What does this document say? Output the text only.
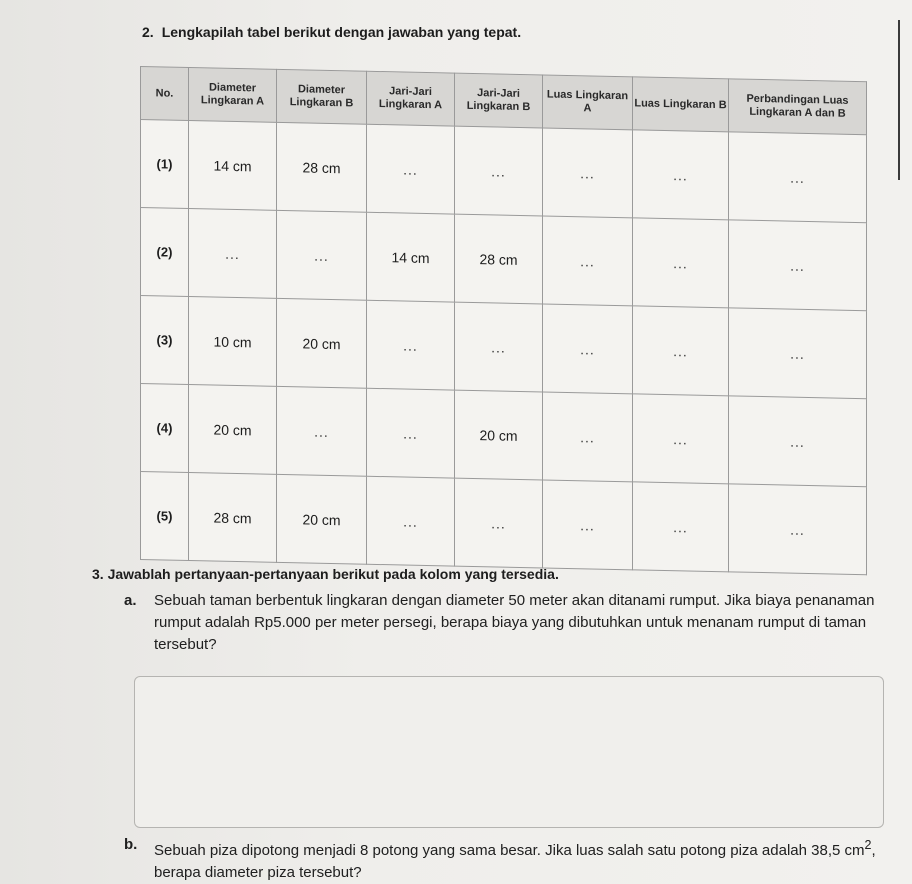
2. Lengkapilah tabel berikut dengan jawaban yang tepat.
No.	Diameter Lingkaran A	Diameter Lingkaran B	Jari-Jari Lingkaran A	Jari-Jari Lingkaran B	Luas Lingkaran A	Luas Lingkaran B	Perbandingan Luas Lingkaran A dan B
(1)	14 cm	28 cm	...	...	...	...	...
(2)	...	...	14 cm	28 cm	...	...	...
(3)	10 cm	20 cm	...	...	...	...	...
(4)	20 cm	...	...	20 cm	...	...	...
(5)	28 cm	20 cm	...	...	...	...	...
3. Jawablah pertanyaan-pertanyaan berikut pada kolom yang tersedia.
a. Sebuah taman berbentuk lingkaran dengan diameter 50 meter akan ditanami rumput. Jika biaya penanaman rumput adalah Rp5.000 per meter persegi, berapa biaya yang dibutuhkan untuk menanam rumput di taman tersebut?
b. Sebuah piza dipotong menjadi 8 potong yang sama besar. Jika luas salah satu potong piza adalah 38,5 $cm^2$, berapa diameter piza tersebut?
